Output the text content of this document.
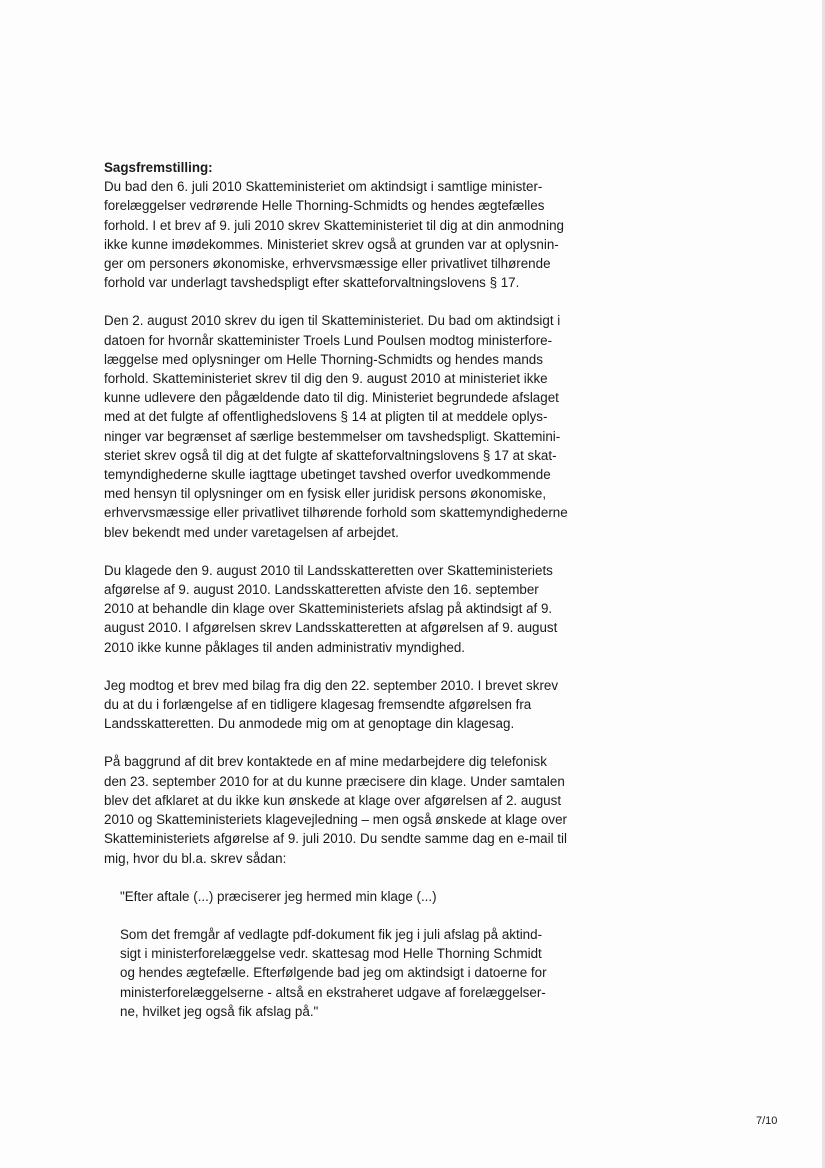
Sagsfremstilling:

Du bad den 6. juli 2010 Skatteministeriet om aktindsigt i samtlige minister-
forelæggelser vedrørende Helle Thorning-Schmidts og hendes ægtefælles
forhold. I et brev af 9. juli 2010 skrev Skatteministeriet til dig at din anmodning
ikke kunne imødekommes. Ministeriet skrev også at grunden var at oplysnin-
ger om personers økonomiske, erhvervsmæssige eller privatlivet tilhørende
forhold var underlagt tavshedspligt efter skatteforvaltningslovens § 17.

Den 2. august 2010 skrev du igen til Skatteministeriet. Du bad om aktindsigt i
datoen for hvornår skatteminister Troels Lund Poulsen modtog ministerfore-
læggelse med oplysninger om Helle Thorning-Schmidts og hendes mands
forhold. Skatteministeriet skrev til dig den 9. august 2010 at ministeriet ikke
kunne udlevere den pågældende dato til dig. Ministeriet begrundede afslaget
med at det fulgte af offentlighedslovens § 14 at pligten til at meddele oplys-
ninger var begrænset af særlige bestemmelser om tavshedspligt. Skattemini-
steriet skrev også til dig at det fulgte af skatteforvaltningslovens § 17 at skat-
temyndighederne skulle iagttage ubetinget tavshed overfor uvedkommende
med hensyn til oplysninger om en fysisk eller juridisk persons økonomiske,
erhvervsmæssige eller privatlivet tilhørende forhold som skattemyndighederne
blev bekendt med under varetagelsen af arbejdet.

Du klagede den 9. august 2010 til Landsskatteretten over Skatteministeriets
afgørelse af 9. august 2010. Landsskatteretten afviste den 16. september
2010 at behandle din klage over Skatteministeriets afslag på aktindsigt af 9.
august 2010. I afgørelsen skrev Landsskatteretten at afgørelsen af 9. august
2010 ikke kunne påklages til anden administrativ myndighed.

Jeg modtog et brev med bilag fra dig den 22. september 2010. I brevet skrev
du at du i forlængelse af en tidligere klagesag fremsendte afgørelsen fra
Landsskatteretten. Du anmodede mig om at genoptage din klagesag.

På baggrund af dit brev kontaktede en af mine medarbejdere dig telefonisk
den 23. september 2010 for at du kunne præcisere din klage. Under samtalen
blev det afklaret at du ikke kun ønskede at klage over afgørelsen af 2. august
2010 og Skatteministeriets klagevejledning – men også ønskede at klage over
Skatteministeriets afgørelse af 9. juli 2010. Du sendte samme dag en e-mail til
mig, hvor du bl.a. skrev sådan:

"Efter aftale (...) præciserer jeg hermed min klage (...)

Som det fremgår af vedlagte pdf-dokument fik jeg i juli afslag på aktind-
sigt i ministerforelæggelse vedr. skattesag mod Helle Thorning Schmidt
og hendes ægtefælle. Efterfølgende bad jeg om aktindsigt i datoerne for
ministerforelæggelserne - altså en ekstraheret udgave af forelæggelser-
ne, hvilket jeg også fik afslag på."

7/10
